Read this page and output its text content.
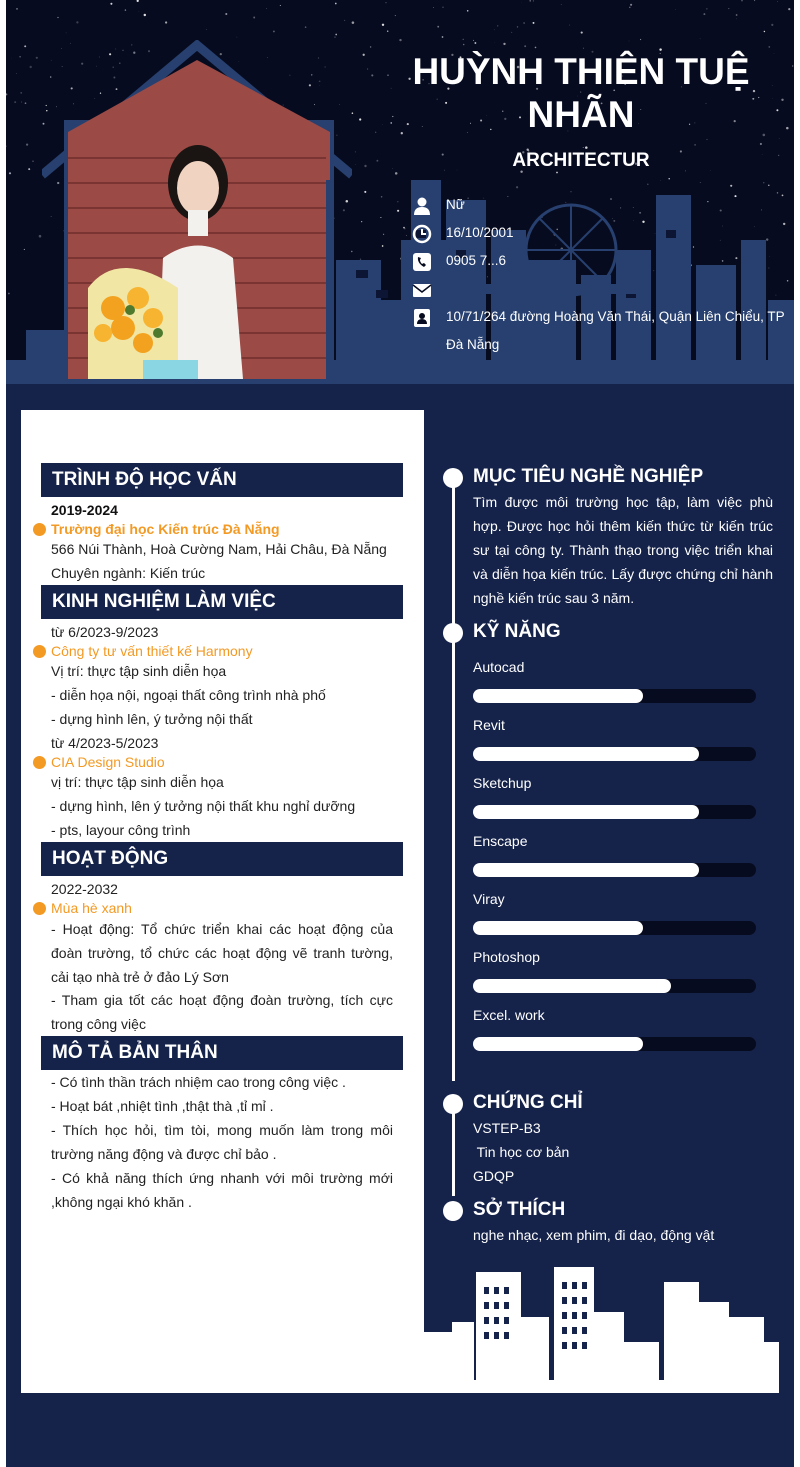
HUỲNH THIÊN TUỆ NHÃN
ARCHITECTUR
Nữ
16/10/2001
0905 7...6
10/71/264 đường Hoàng Văn Thái, Quận Liên Chiểu, TP Đà Nẵng
TRÌNH ĐỘ HỌC VẤN
2019-2024
Trường đại học Kiến trúc Đà Nẵng
566 Núi Thành, Hoà Cường Nam, Hải Châu, Đà Nẵng
Chuyên ngành: Kiến trúc
KINH NGHIỆM LÀM VIỆC
từ 6/2023-9/2023
Công ty tư vấn thiết kế Harmony
Vị trí: thực tập sinh diễn họa
- diễn họa nội, ngoại thất công trình nhà phố
- dựng hình lên, ý tưởng nội thất
từ 4/2023-5/2023
CIA Design Studio
vị trí: thực tập sinh diễn họa
- dựng hình, lên ý tưởng nội thất khu nghỉ dưỡng
- pts, layour công trình
HOẠT ĐỘNG
2022-2032
Mùa hè xanh
- Hoạt động: Tổ chức triển khai các hoạt động của đoàn trường, tổ chức các hoạt động vẽ tranh tường, cải tạo nhà trẻ ở đảo Lý Sơn
- Tham gia tốt các hoạt động đoàn trường, tích cực trong công việc
MÔ TẢ BẢN THÂN
- Có tình thần trách nhiệm cao trong công việc .
- Hoạt bát ,nhiệt tình ,thật thà ,tỉ mỉ .
- Thích học hỏi, tìm tòi, mong muốn làm trong môi trường năng động và được chỉ bảo .
- Có khả năng thích ứng nhanh với môi trường mới ,không ngại khó khăn .
MỤC TIÊU NGHỀ NGHIỆP
Tìm được môi trường học tập, làm việc phù hợp. Được học hỏi thêm kiến thức từ kiến trúc sư tại công ty. Thành thạo trong việc triển khai và diễn họa kiến trúc. Lấy được chứng chỉ hành nghề kiến trúc sau 3 năm.
KỸ NĂNG
Autocad
Revit
Sketchup
Enscape
Viray
Photoshop
Excel. work
CHỨNG CHỈ
VSTEP-B3
Tin học cơ bản
GDQP
SỞ THÍCH
nghe nhạc, xem phim, đi dạo, động vật
